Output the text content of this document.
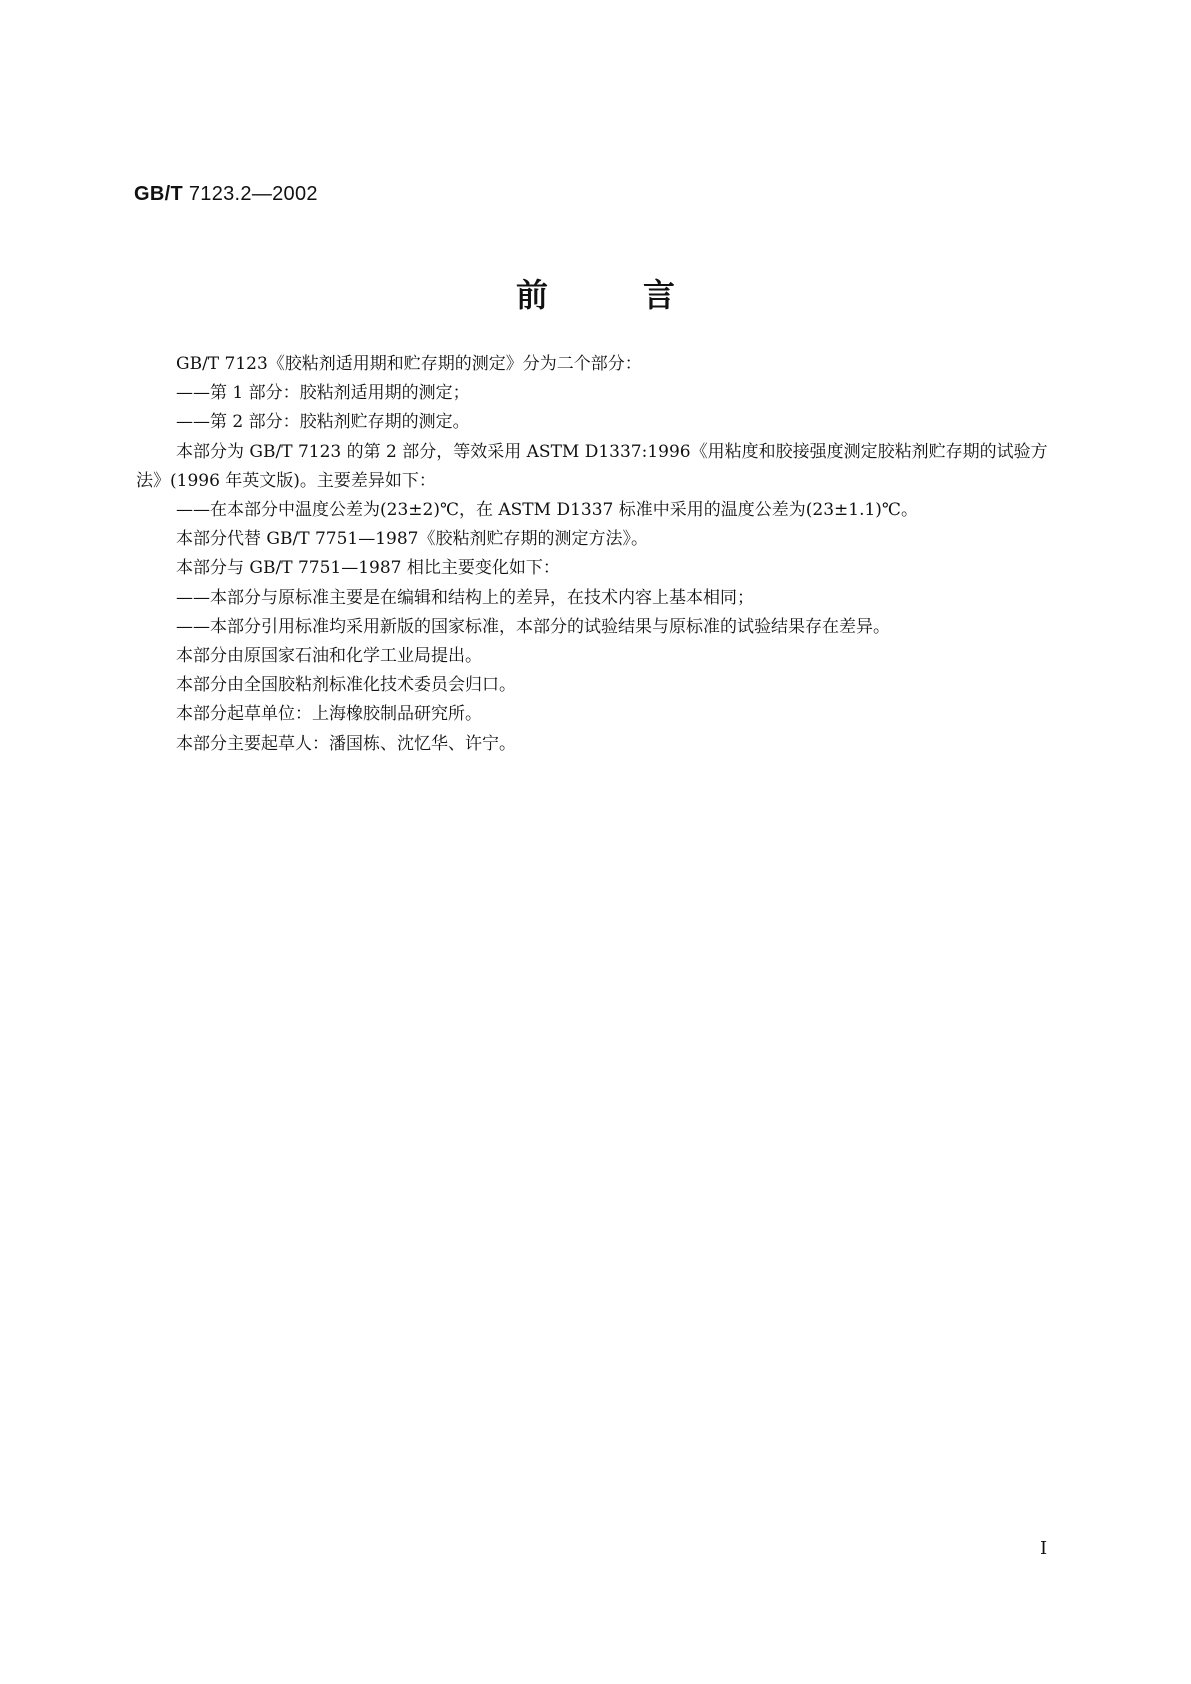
GB/T 7123.2—2002
前言

GB/T 7123《胶粘剂适用期和贮存期的测定》分为二个部分：

——第 1 部分：胶粘剂适用期的测定；

——第 2 部分：胶粘剂贮存期的测定。

本部分为 GB/T 7123 的第 2 部分，等效采用 ASTM D1337:1996《用粘度和胶接强度测定胶粘剂贮存期的试验方法》(1996 年英文版)。主要差异如下：

——在本部分中温度公差为(23±2)℃，在 ASTM D1337 标准中采用的温度公差为(23±1.1)℃。

本部分代替 GB/T 7751—1987《胶粘剂贮存期的测定方法》。

本部分与 GB/T 7751—1987 相比主要变化如下：

——本部分与原标准主要是在编辑和结构上的差异，在技术内容上基本相同；

——本部分引用标准均采用新版的国家标准，本部分的试验结果与原标准的试验结果存在差异。

本部分由原国家石油和化学工业局提出。

本部分由全国胶粘剂标准化技术委员会归口。

本部分起草单位：上海橡胶制品研究所。

本部分主要起草人：潘国栋、沈忆华、许宁。

I
